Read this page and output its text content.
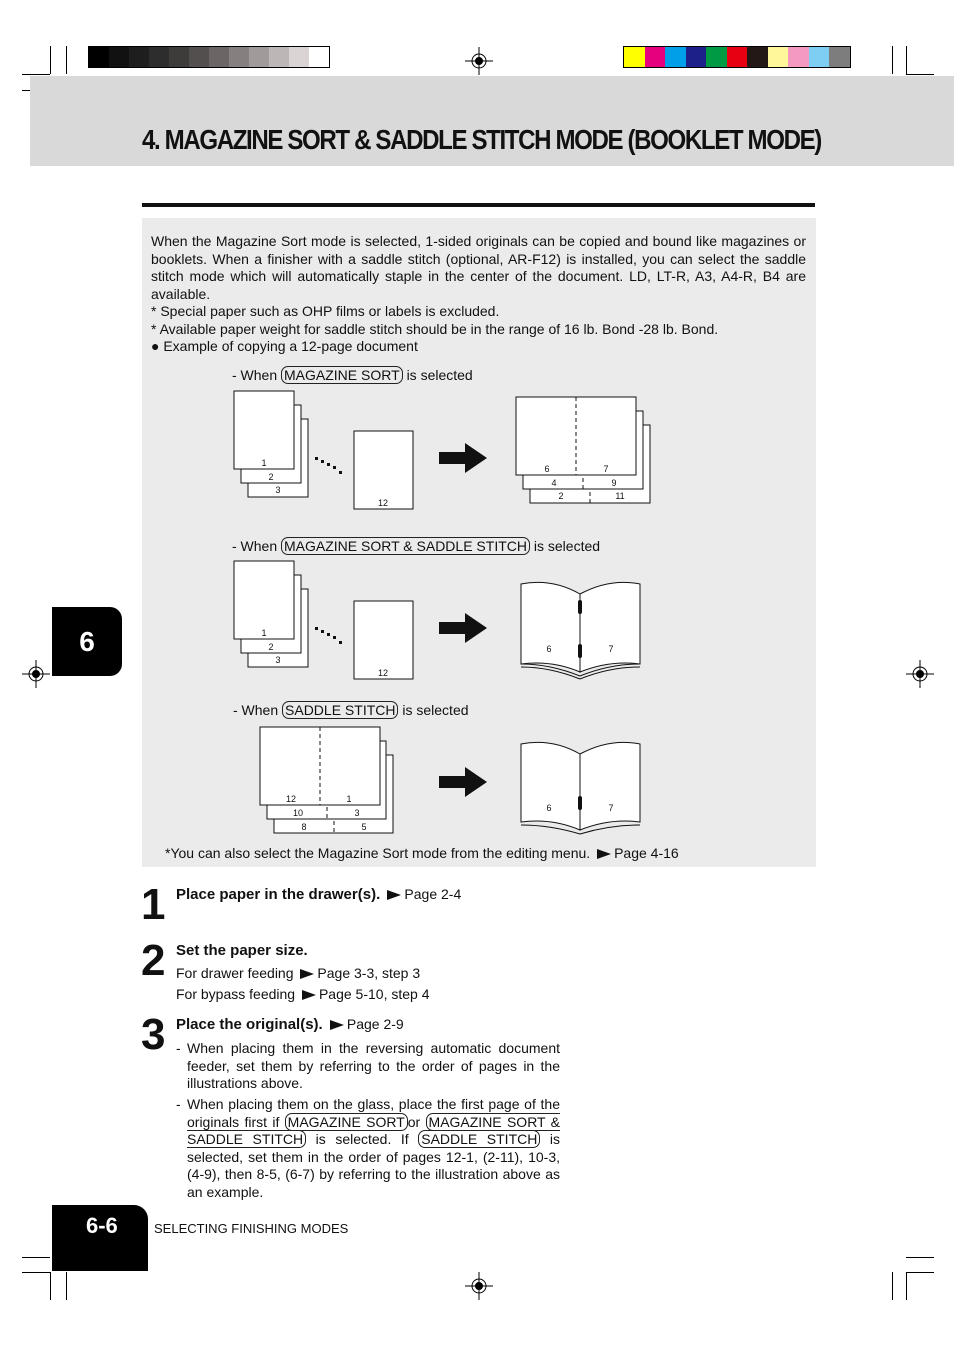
4. MAGAZINE SORT & SADDLE STITCH MODE (BOOKLET MODE)
6

When the Magazine Sort mode is selected, 1-sided originals can be copied and bound like magazines or booklets. When a finisher with a saddle stitch (optional, AR-F12) is installed, you can select the saddle stitch mode which will automatically staple in the center of the document. LD, LT-R, A3, A4-R, B4 are available.

* Special paper such as OHP films or labels is excluded.

* Available paper weight for saddle stitch should be in the range of 16 lb. Bond -28 lb. Bond.

● Example of copying a 12-page document

- When MAGAZINE SORT is selected
- When MAGAZINE SORT & SADDLE STITCH is selected
- When SADDLE STITCH is selected
1
2
3
12
6	7
4	9
2	11
1
2
3
12
6	7
12	1
10	3
8	5
6	7
*You can also select the Magazine Sort mode from the editing menu. Page 4-16
1 Place paper in the drawer(s). Page 2-4
2 Set the paper size.
For drawer feeding Page 3-3, step 3
For bypass feeding Page 5-10, step 4
3 Place the original(s). Page 2-9
- When placing them in the reversing automatic document feeder, set them by referring to the order of pages in the illustrations above.
- When placing them on the glass, place the first page of the originals first if MAGAZINE SORT or MAGAZINE SORT & SADDLE STITCH is selected. If SADDLE STITCH is selected, set them in the order of pages 12-1, (2-11), 10-3, (4-9), then 8-5, (6-7) by referring to the illustration above as an example.
6-6	SELECTING FINISHING MODES
